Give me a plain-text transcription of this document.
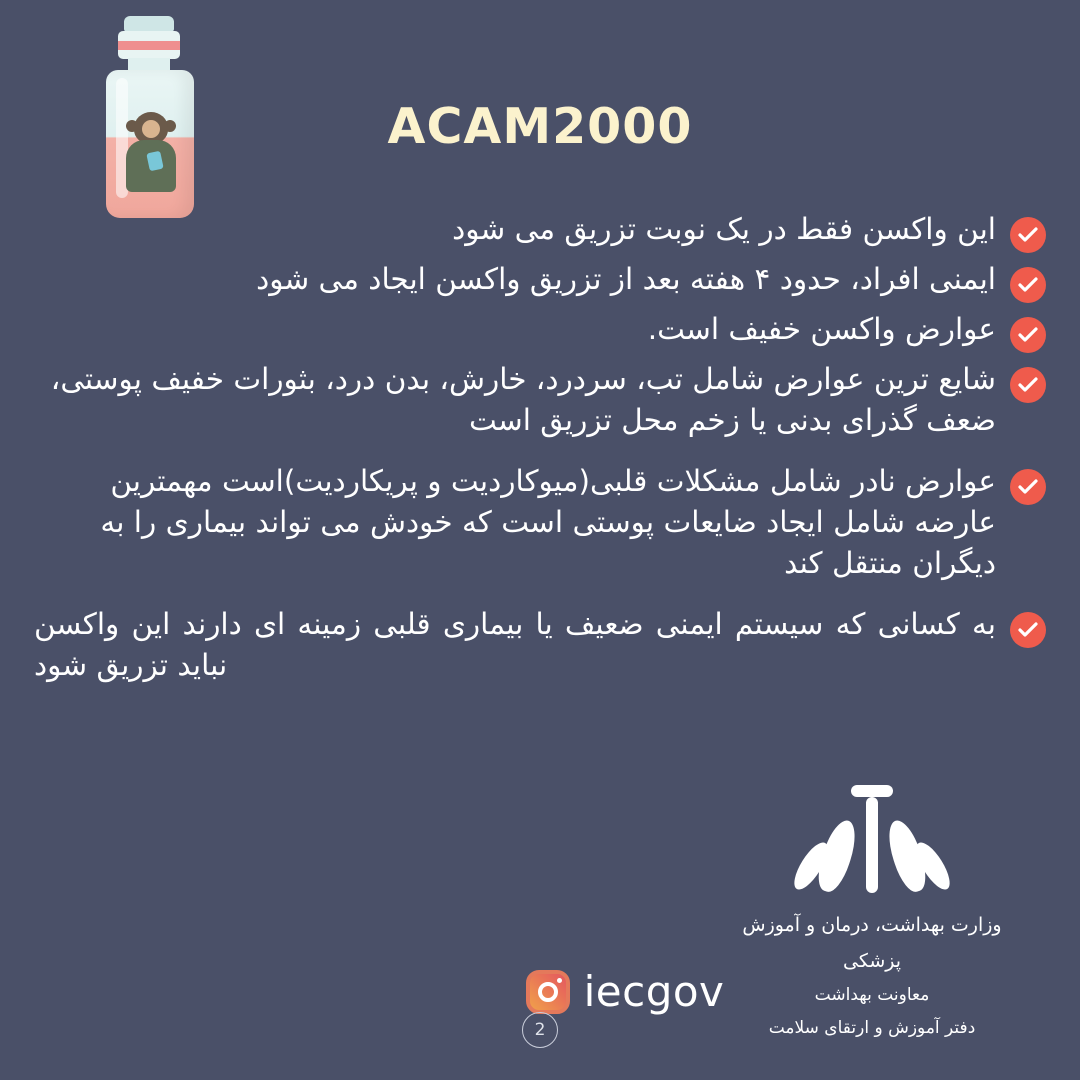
ACAM2000
این واکسن فقط در یک نوبت تزریق می شود
ایمنی افراد، حدود ۴ هفته بعد از تزریق واکسن ایجاد می شود
عوارض واکسن خفیف است.
شایع ترین عوارض شامل تب، سردرد، خارش، بدن درد، بثورات خفیف پوستی، ضعف گذرای بدنی یا زخم محل تزریق است
عوارض نادر شامل مشکلات قلبی(میوکاردیت و پریکاردیت)است مهمترین عارضه شامل ایجاد ضایعات پوستی است که خودش می تواند بیماری را به دیگران منتقل کند
به کسانی که سیستم ایمنی ضعیف یا بیماری قلبی زمینه ای دارند این واکسن نباید تزریق شود
وزارت بهداشت، درمان و آموزش پزشکی
معاونت بهداشت
دفتر آموزش و ارتقای سلامت
iecgov
2
